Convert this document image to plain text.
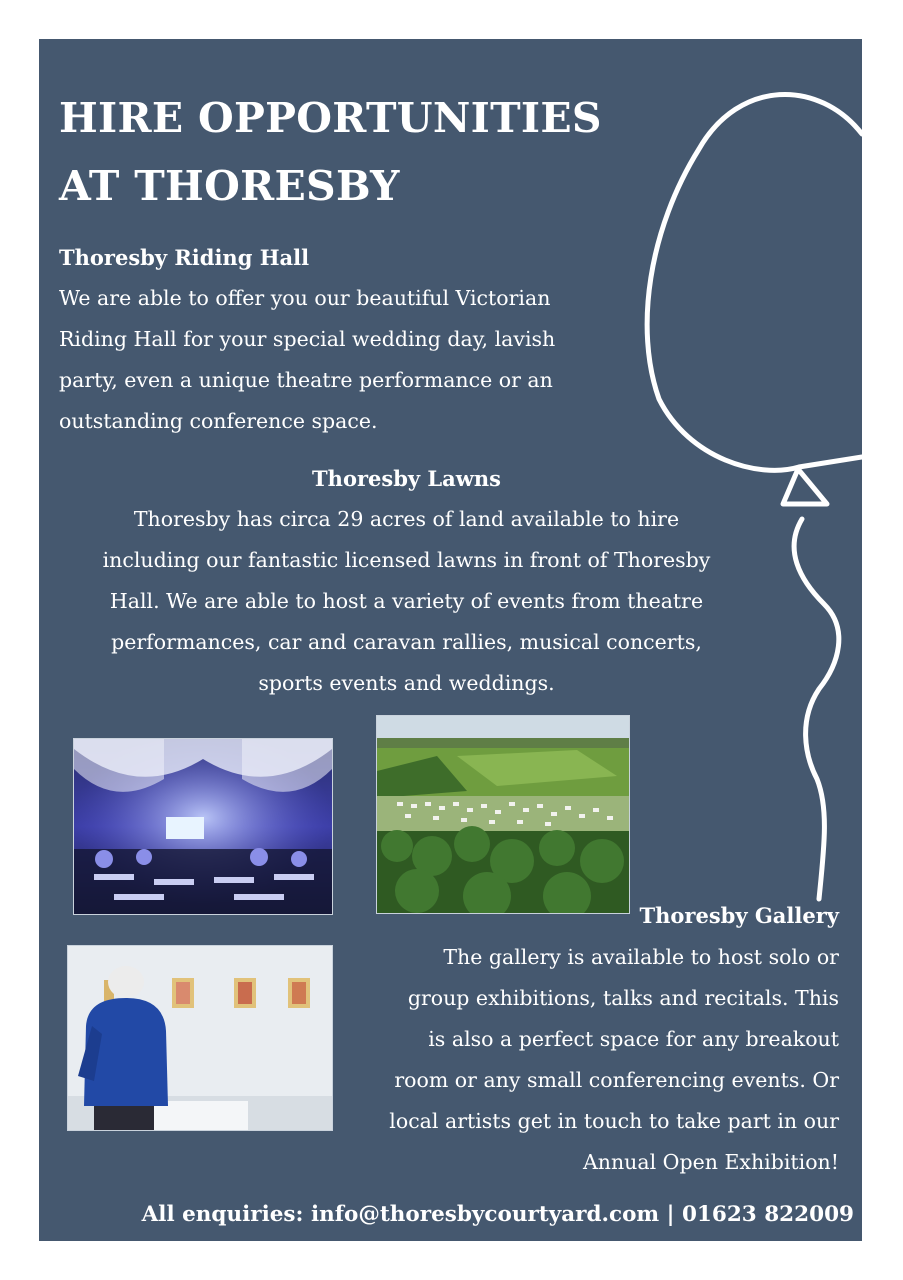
HIRE OPPORTUNITIES
AT THORESBY
Thoresby Riding Hall

We are able to offer you our beautiful Victorian
Riding Hall for your special wedding day, lavish
party, even a unique theatre performance or an
outstanding conference space.

Thoresby Lawns

Thoresby has circa 29 acres of land available to hire
including our fantastic licensed lawns in front of Thoresby
Hall. We are able to host a variety of events from theatre
performances, car and caravan rallies, musical concerts,
sports events and weddings.

Thoresby Gallery

The gallery is available to host solo or
group exhibitions, talks and recitals. This
is also a perfect space for any breakout
room or any small conferencing events. Or
local artists get in touch to take part in our
Annual Open Exhibition!

All enquiries: info@thoresbycourtyard.com | 01623 822009
